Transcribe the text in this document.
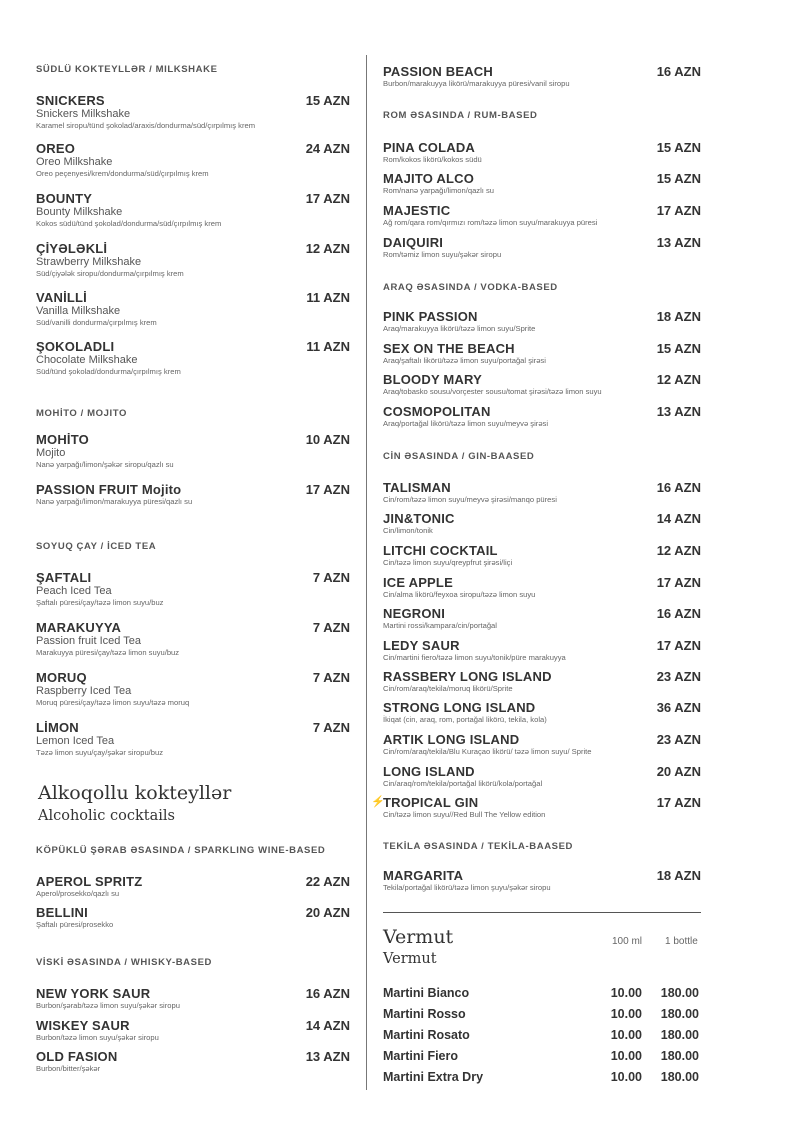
SÜDLÜ KOKTEYLLƏR / MILKSHAKE
SNICKERS	15 AZN
Snickers Milkshake
Karamel siropu/tünd şokolad/araxis/dondurma/süd/çırpılmış krem
OREO	24 AZN
Oreo Milkshake
Oreo peçenyesi/krem/dondurma/süd/çırpılmış krem
BOUNTY	17 AZN
Bounty Milkshake
Kokos südü/tünd şokolad/dondurma/süd/çırpılmış krem
ÇİYƏLƏKLİ	12 AZN
Strawberry Milkshake
Süd/çiyələk siropu/dondurma/çırpılmış krem
VANİLLİ	11 AZN
Vanilla Milkshake
Süd/vanilli dondurma/çırpılmış krem
ŞOKOLADLI	11 AZN
Chocolate Milkshake
Süd/tünd şokolad/dondurma/çırpılmış krem
MOHİTO / MOJITO
MOHİTO	10 AZN
Mojito
Nanə yarpağı/limon/şəkər siropu/qazlı su
PASSION FRUIT Mojito	17 AZN
Nanə yarpağı/limon/marakuyya püresi/qazlı su
SOYUQ ÇAY / İCED TEA
ŞAFTALI	7 AZN
Peach Iced Tea
Şaftalı püresi/çay/təzə limon suyu/buz
MARAKUYYA	7 AZN
Passion fruit Iced Tea
Marakuyya püresi/çay/təzə limon suyu/buz
MORUQ	7 AZN
Raspberry Iced Tea
Moruq püresi/çay/təzə limon suyu/təzə moruq
LİMON	7 AZN
Lemon Iced Tea
Təzə limon suyu/çay/şəkər siropu/buz
Alkoqollu kokteyllər
Alcoholic cocktails
KÖPÜKLÜ ŞƏRAB ƏSASINDA / SPARKLING WINE-BASED
APEROL SPRITZ	22 AZN
Aperol/prosekko/qazlı su
BELLINI	20 AZN
Şaftalı püresi/prosekko
VİSKİ ƏSASINDA / WHISKY-BASED
NEW YORK SAUR	16 AZN
Burbon/şərab/təzə limon suyu/şəkər siropu
WISKEY SAUR	14 AZN
Burbon/təzə limon suyu/şəkər siropu
OLD FASION	13 AZN
Burbon/bitter/şəkər
PASSION BEACH	16 AZN
Burbon/marakuyya likörü/marakuyya püresi/vanil siropu
ROM ƏSASINDA / RUM-BASED
PINA COLADA	15 AZN
Rom/kokos likörü/kokos südü
MAJITO ALCO	15 AZN
Rom/nanə yarpağı/limon/qazlı su
MAJESTIC	17 AZN
Ağ rom/qara rom/qırmızı rom/təzə limon suyu/marakuyya püresi
DAIQUIRI	13 AZN
Rom/təmiz limon suyu/şəkər siropu
ARAQ ƏSASINDA / VODKA-BASED
PINK PASSION	18 AZN
Araq/marakuyya likörü/təzə limon suyu/Sprite
SEX ON THE BEACH	15 AZN
Araq/şaftalı likörü/təzə limon suyu/portağal şirəsi
BLOODY MARY	12 AZN
Araq/tobasko sousu/vorçester sousu/tomat şirəsi/təzə limon suyu
COSMOPOLITAN	13 AZN
Araq/portağal likörü/təzə limon suyu/meyvə şirəsi
CİN ƏSASINDA / GIN-BAASED
TALISMAN	16 AZN
Cin/rom/təzə limon suyu/meyvə şirəsi/manqo püresi
JIN&TONIC	14 AZN
Cin/limon/tonik
LITCHI COCKTAIL	12 AZN
Cin/təzə limon suyu/qreypfrut şirəsi/liçi
ICE APPLE	17 AZN
Cin/alma likörü/feyxoa siropu/təzə limon suyu
NEGRONI	16 AZN
Martini rossi/kampara/cin/portağal
LEDY SAUR	17 AZN
Cin/martini fiero/təzə limon suyu/tonik/püre marakuyya
RASSBERY LONG ISLAND	23 AZN
Cin/rom/araq/tekila/moruq likörü/Sprite
STRONG LONG ISLAND	36 AZN
İkiqat (cin, araq, rom, portağal likörü, tekila, kola)
ARTIK LONG ISLAND	23 AZN
Cin/rom/araq/tekila/Blu Kuraçao likörü/ təzə limon suyu/ Sprite
LONG ISLAND	20 AZN
Cin/araq/rom/tekila/portağal likörü/kola/portağal
⚡
TROPICAL GIN	17 AZN
Cin/təzə limon suyu//Red Bull The Yellow edition
TEKİLA ƏSASINDA / TEKİLA-BAASED
MARGARITA	18 AZN
Tekila/portağal likörü/təzə limon şuyu/şəkər siropu
Vermut
Vermut
100 ml 1 bottle
Martini Bianco	10.00 180.00
Martini Rosso	10.00 180.00
Martini Rosato	10.00 180.00
Martini Fiero	10.00 180.00
Martini Extra Dry	10.00 180.00
